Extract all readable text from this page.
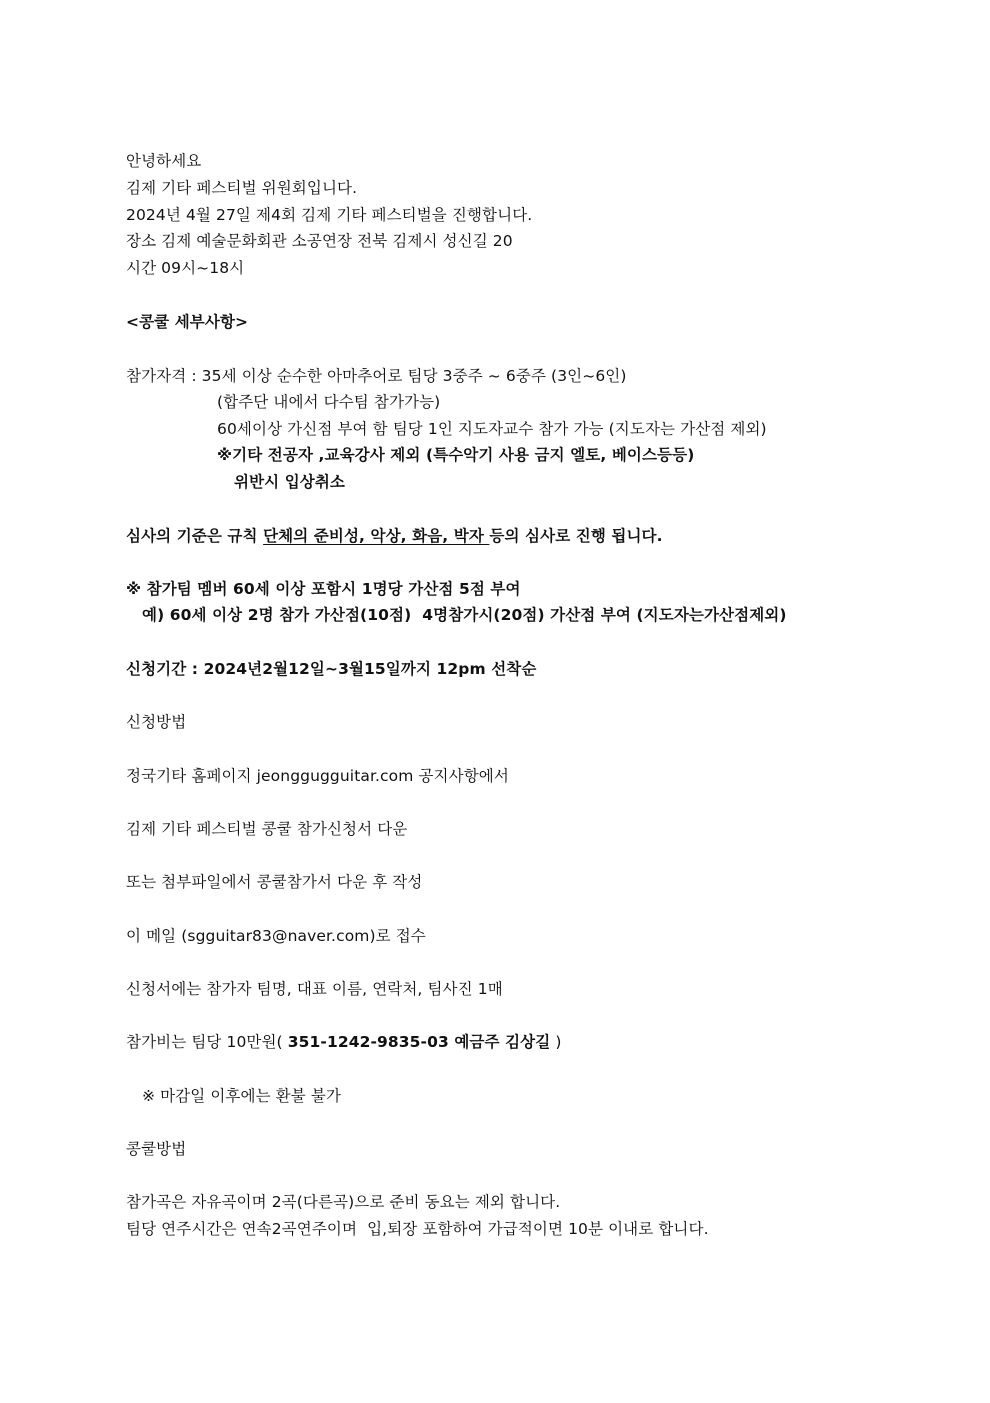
안녕하세요
김제 기타 페스티벌 위원회입니다.
2024년 4월 27일 제4회 김제 기타 페스티벌을 진행합니다.
장소 김제 예술문화회관 소공연장 전북 김제시 성신길 20
시간 09시~18시
<콩쿨 세부사항>
참가자격 : 35세 이상 순수한 아마추어로 팀당 3중주 ~ 6중주 (3인~6인)
(합주단 내에서 다수팀 참가가능)
60세이상 가신점 부여 함 팀당 1인 지도자교수 참가 가능 (지도자는 가산점 제외)
※기타 전공자 ,교육강사 제외 (특수악기 사용 금지 엘토, 베이스등등)
위반시 입상취소
심사의 기준은 규칙 단체의 준비성, 악상, 화음, 박자 등의 심사로 진행 됩니다.
※ 참가팀 멤버 60세 이상 포함시 1명당 가산점 5점 부여
예) 60세 이상 2명 참가 가산점(10점)  4명참가시(20점) 가산점 부여 (지도자는가산점제외)
신청기간 : 2024년2월12일~3월15일까지 12pm 선착순
신청방법
정국기타 홈페이지 jeonggugguitar.com 공지사항에서
김제 기타 페스티벌 콩쿨 참가신청서 다운
또는 첨부파일에서 콩쿨참가서 다운 후 작성
이 메일 (sgguitar83@naver.com)로 접수
신청서에는 참가자 팀명, 대표 이름, 연락처, 팀사진 1매
참가비는 팀당 10만원( 351-1242-9835-03 예금주 김상길 )
※ 마감일 이후에는 환불 불가
콩쿨방법
참가곡은 자유곡이며 2곡(다른곡)으로 준비 동요는 제외 합니다.
팀당 연주시간은 연속2곡연주이며  입,퇴장 포함하여 가급적이면 10분 이내로 합니다.
